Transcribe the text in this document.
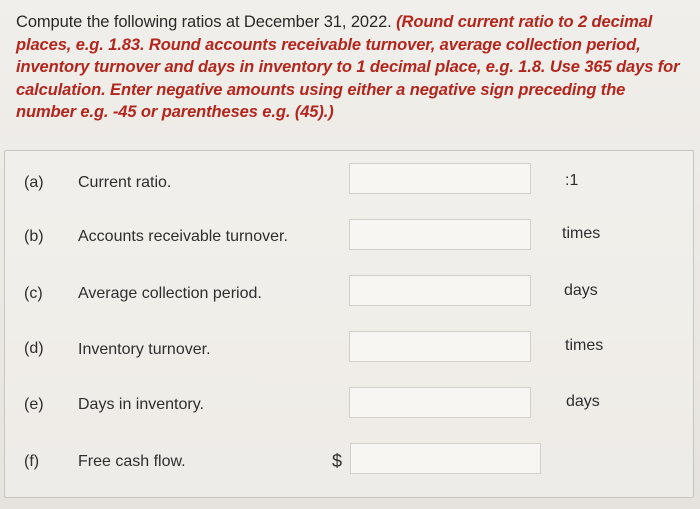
Compute the following ratios at December 31, 2022. (Round current ratio to 2 decimal places, e.g. 1.83. Round accounts receivable turnover, average collection period, inventory turnover and days in inventory to 1 decimal place, e.g. 1.8. Use 365 days for calculation. Enter negative amounts using either a negative sign preceding the number e.g. -45 or parentheses e.g. (45).)
(a) Current ratio.	:1
(b) Accounts receivable turnover.	times
(c) Average collection period.	days
(d) Inventory turnover.	times
(e) Days in inventory.	days
(f) Free cash flow.	$
